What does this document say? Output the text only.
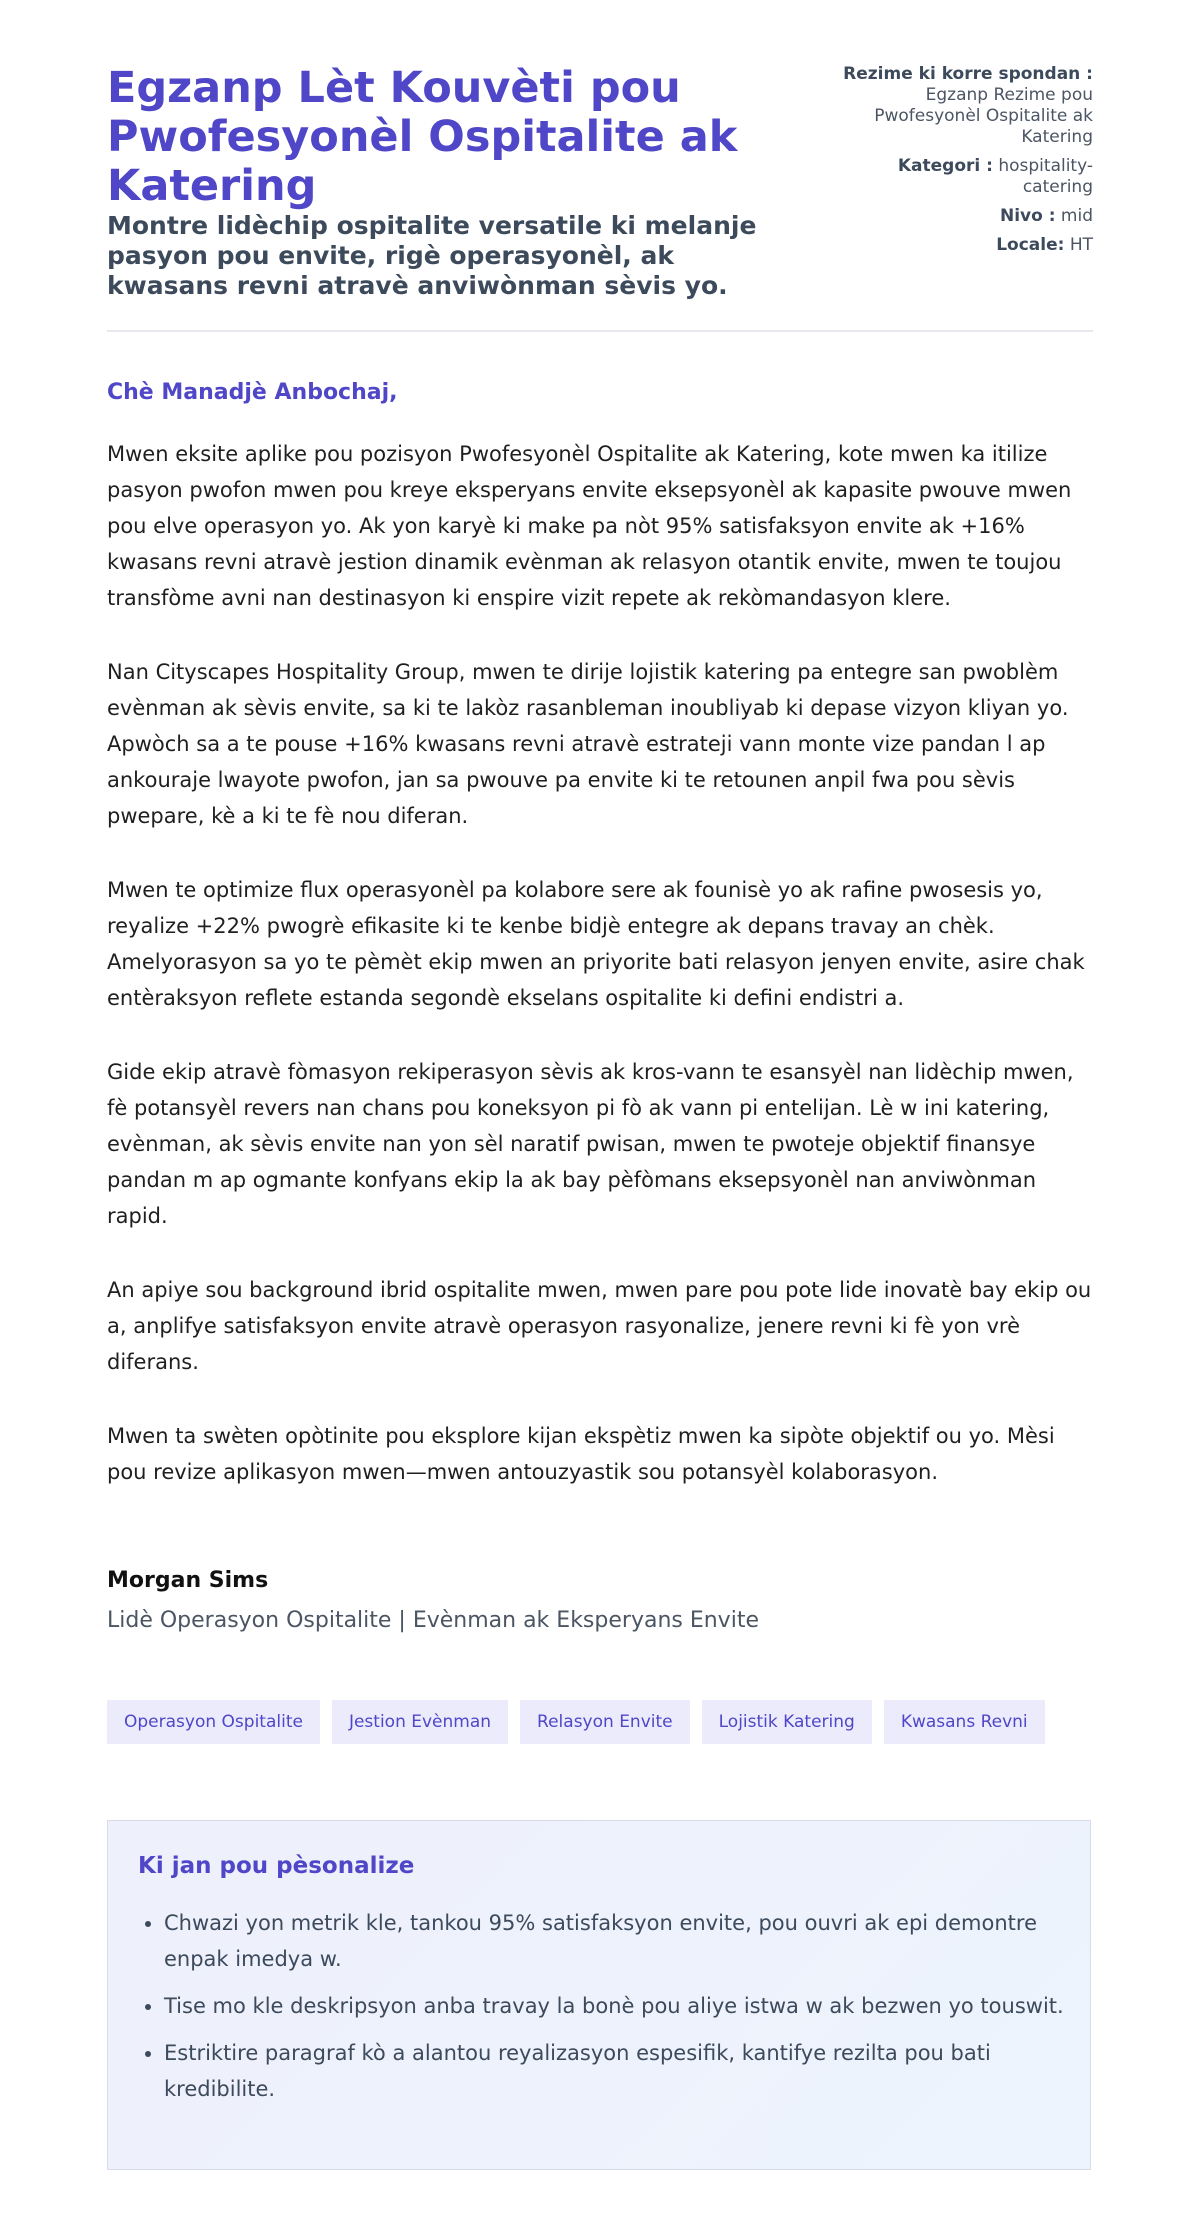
Egzanp Lèt Kouvèti pou Pwofesyonèl Ospitalite ak Katering

Montre lidèchip ospitalite versatile ki melanje pasyon pou envite, rigè operasyonèl, ak kwasans revni atravè anviwònman sèvis yo.

Rezime ki korre spondan : Egzanp Rezime pou Pwofesyonèl Ospitalite ak Katering
Kategori : hospitality-catering
Nivo : mid
Locale: HT
Chè Manadjè Anbochaj,

Mwen eksite aplike pou pozisyon Pwofesyonèl Ospitalite ak Katering, kote mwen ka itilize pasyon pwofon mwen pou kreye eksperyans envite eksepsyonèl ak kapasite pwouve mwen pou elve operasyon yo. Ak yon karyè ki make pa nòt 95% satisfaksyon envite ak +16% kwasans revni atravè jestion dinamik evènman ak relasyon otantik envite, mwen te toujou transfòme avni nan destinasyon ki enspire vizit repete ak rekòmandasyon klere.

Nan Cityscapes Hospitality Group, mwen te dirije lojistik katering pa entegre san pwoblèm evènman ak sèvis envite, sa ki te lakòz rasanbleman inoubliyab ki depase vizyon kliyan yo. Apwòch sa a te pouse +16% kwasans revni atravè estrateji vann monte vize pandan l ap ankouraje lwayote pwofon, jan sa pwouve pa envite ki te retounen anpil fwa pou sèvis pwepare, kè a ki te fè nou diferan.

Mwen te optimize flux operasyonèl pa kolabore sere ak founisè yo ak rafine pwosesis yo, reyalize +22% pwogrè efikasite ki te kenbe bidjè entegre ak depans travay an chèk. Amelyorasyon sa yo te pèmèt ekip mwen an priyorite bati relasyon jenyen envite, asire chak entèraksyon reflete estanda segondè ekselans ospitalite ki defini endistri a.

Gide ekip atravè fòmasyon rekiperasyon sèvis ak kros-vann te esansyèl nan lidèchip mwen, fè potansyèl revers nan chans pou koneksyon pi fò ak vann pi entelijan. Lè w ini katering, evènman, ak sèvis envite nan yon sèl naratif pwisan, mwen te pwoteje objektif finansye pandan m ap ogmante konfyans ekip la ak bay pèfòmans eksepsyonèl nan anviwònman rapid.

An apiye sou background ibrid ospitalite mwen, mwen pare pou pote lide inovatè bay ekip ou a, anplifye satisfaksyon envite atravè operasyon rasyonalize, jenere revni ki fè yon vrè diferans.

Mwen ta swèten opòtinite pou eksplore kijan ekspètiz mwen ka sipòte objektif ou yo. Mèsi pou revize aplikasyon mwen—mwen antouzyastik sou potansyèl kolaborasyon.

Morgan Sims
Lidè Operasyon Ospitalite | Evènman ak Eksperyans Envite
Operasyon Ospitalite	Jestion Evènman	Relasyon Envite	Lojistik Katering	Kwasans Revni
Ki jan pou pèsonalize
• Chwazi yon metrik kle, tankou 95% satisfaksyon envite, pou ouvri ak epi demontre enpak imedya w.
• Tise mo kle deskripsyon anba travay la bonè pou aliye istwa w ak bezwen yo touswit.
• Estriktire paragraf kò a alantou reyalizasyon espesifik, kantifye rezilta pou bati kredibilite.
